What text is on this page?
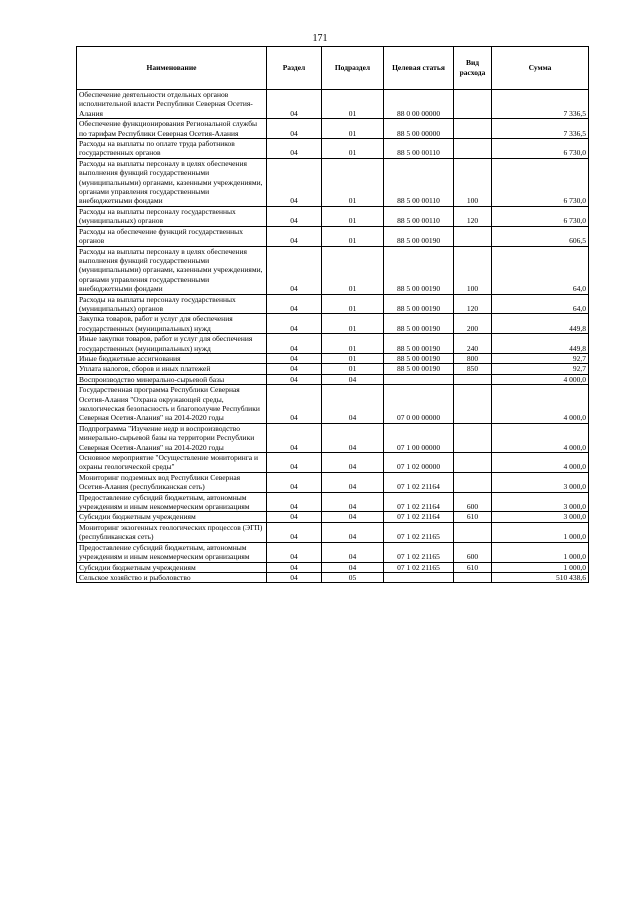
171
Наименование	Раздел	Подраздел	Целевая статья	Вид расхода	Сумма
Обеспечение деятельности отдельных органов исполнительной власти Республики Северная Осетия-Алания	04	01	88 0 00 00000		7 336,5
Обеспечение функционирования Региональной службы по тарифам Республики Северная Осетия-Алания	04	01	88 5 00 00000		7 336,5
Расходы на выплаты по оплате труда работников государственных органов	04	01	88 5 00 00110		6 730,0
Расходы на выплаты персоналу в целях обеспечения выполнения функций государственными (муниципальными) органами, казенными учреждениями, органами управления государственными внебюджетными фондами	04	01	88 5 00 00110	100	6 730,0
Расходы на выплаты персоналу государственных (муниципальных) органов	04	01	88 5 00 00110	120	6 730,0
Расходы на обеспечение функций государственных органов	04	01	88 5 00 00190		606,5
Расходы на выплаты персоналу в целях обеспечения выполнения функций государственными (муниципальными) органами, казенными учреждениями, органами управления государственными внебюджетными фондами	04	01	88 5 00 00190	100	64,0
Расходы на выплаты персоналу государственных (муниципальных) органов	04	01	88 5 00 00190	120	64,0
Закупка товаров, работ и услуг для обеспечения государственных (муниципальных) нужд	04	01	88 5 00 00190	200	449,8
Иные закупки товаров, работ и услуг для обеспечения государственных (муниципальных) нужд	04	01	88 5 00 00190	240	449,8
Иные бюджетные ассигнования	04	01	88 5 00 00190	800	92,7
Уплата налогов, сборов и иных платежей	04	01	88 5 00 00190	850	92,7
Воспроизводство минерально-сырьевой базы	04	04			4 000,0
Государственная программа Республики Северная Осетия-Алания "Охрана окружающей среды, экологическая безопасность и благополучие Республики Северная Осетия-Алания" на 2014-2020 годы	04	04	07 0 00 00000		4 000,0
Подпрограмма "Изучение недр и воспроизводство минерально-сырьевой базы на территории Республики Северная Осетия-Алания" на 2014-2020 годы	04	04	07 1 00 00000		4 000,0
Основное мероприятие "Осуществление мониторинга и охраны геологической среды"	04	04	07 1 02 00000		4 000,0
Мониторинг подземных вод Республики Северная Осетия-Алания (республиканская сеть)	04	04	07 1 02 21164		3 000,0
Предоставление субсидий бюджетным, автономным учреждениям и иным некоммерческим организациям	04	04	07 1 02 21164	600	3 000,0
Субсидии бюджетным учреждениям	04	04	07 1 02 21164	610	3 000,0
Мониторинг экзогенных геологических процессов (ЭГП) (республиканская сеть)	04	04	07 1 02 21165		1 000,0
Предоставление субсидий бюджетным, автономным учреждениям и иным некоммерческим организациям	04	04	07 1 02 21165	600	1 000,0
Субсидии бюджетным учреждениям	04	04	07 1 02 21165	610	1 000,0
Сельское хозяйство и рыболовство	04	05			510 438,6
